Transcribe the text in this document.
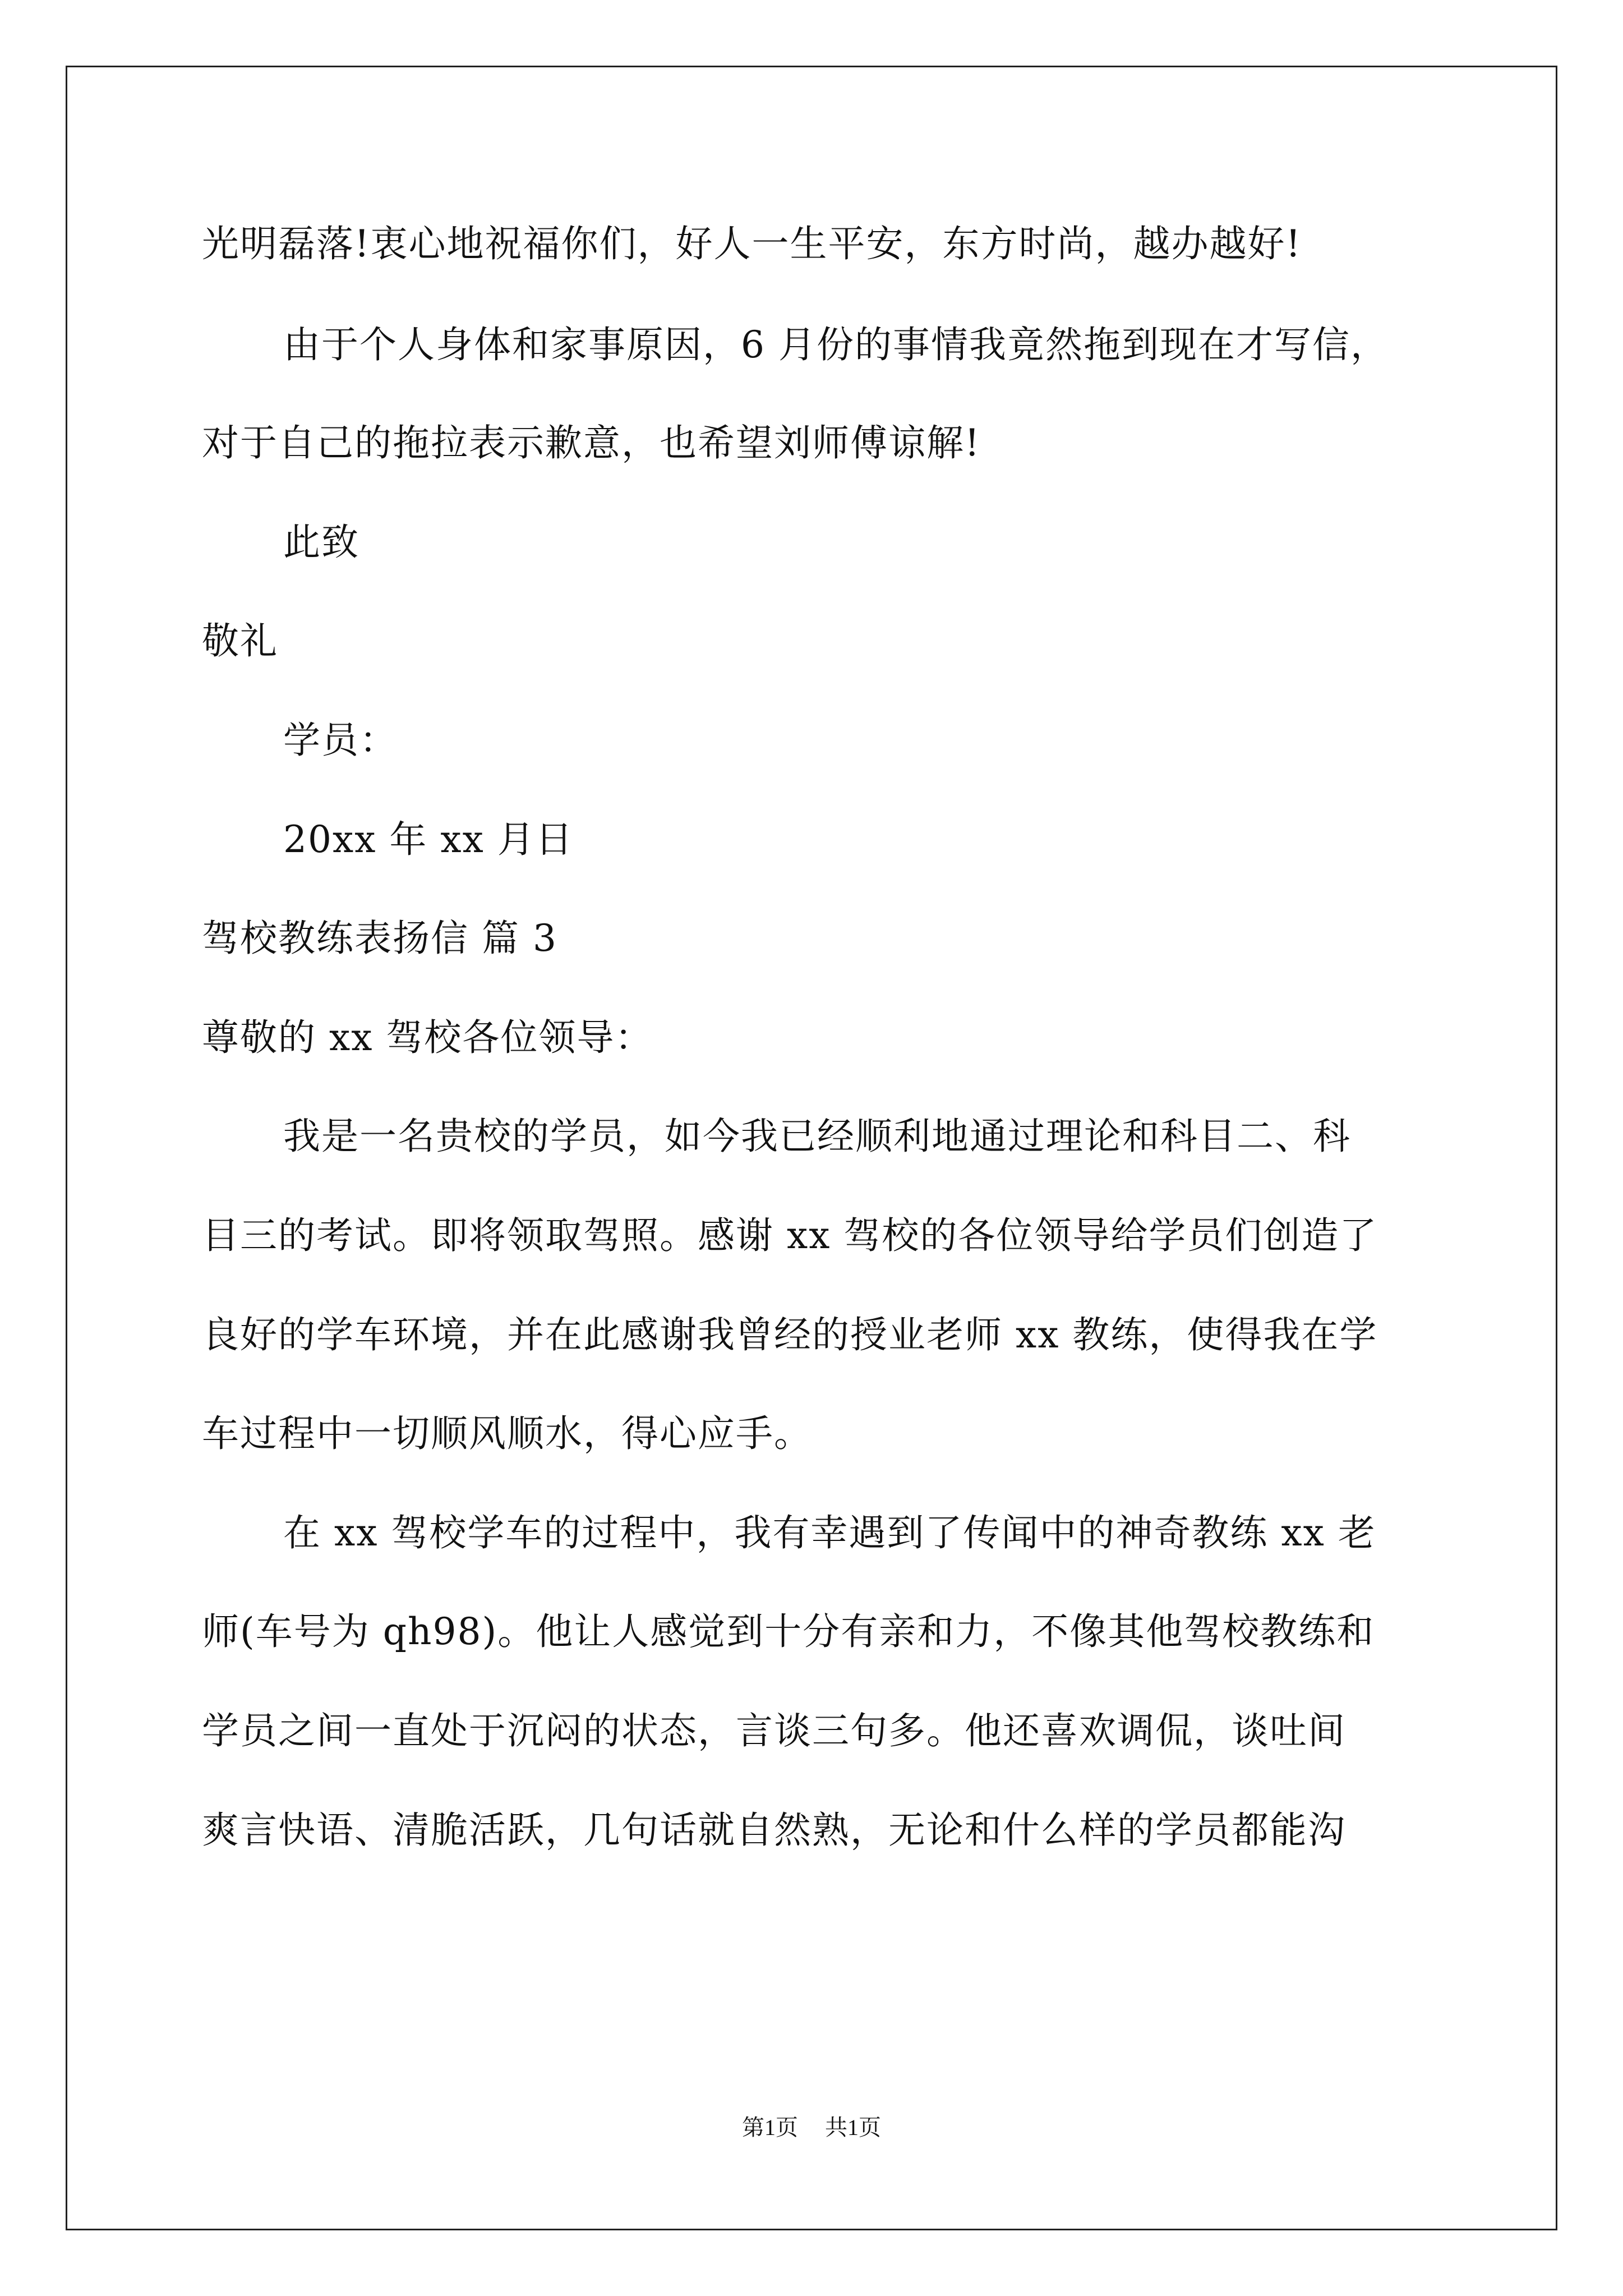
光明磊落!衷心地祝福你们，好人一生平安，东方时尚，越办越好!
由于个人身体和家事原因，6 月份的事情我竟然拖到现在才写信，
对于自己的拖拉表示歉意，也希望刘师傅谅解!
此致
敬礼
学员：
20xx 年 xx 月日
驾校教练表扬信 篇 3
尊敬的 xx 驾校各位领导：
我是一名贵校的学员，如今我已经顺利地通过理论和科目二、科
目三的考试。即将领取驾照。感谢 xx 驾校的各位领导给学员们创造了
良好的学车环境，并在此感谢我曾经的授业老师 xx 教练，使得我在学
车过程中一切顺风顺水，得心应手。
在 xx 驾校学车的过程中，我有幸遇到了传闻中的神奇教练 xx 老
师(车号为 qh98)。他让人感觉到十分有亲和力，不像其他驾校教练和
学员之间一直处于沉闷的状态，言谈三句多。他还喜欢调侃，谈吐间
爽言快语、清脆活跃，几句话就自然熟，无论和什么样的学员都能沟
第1页 共1页
